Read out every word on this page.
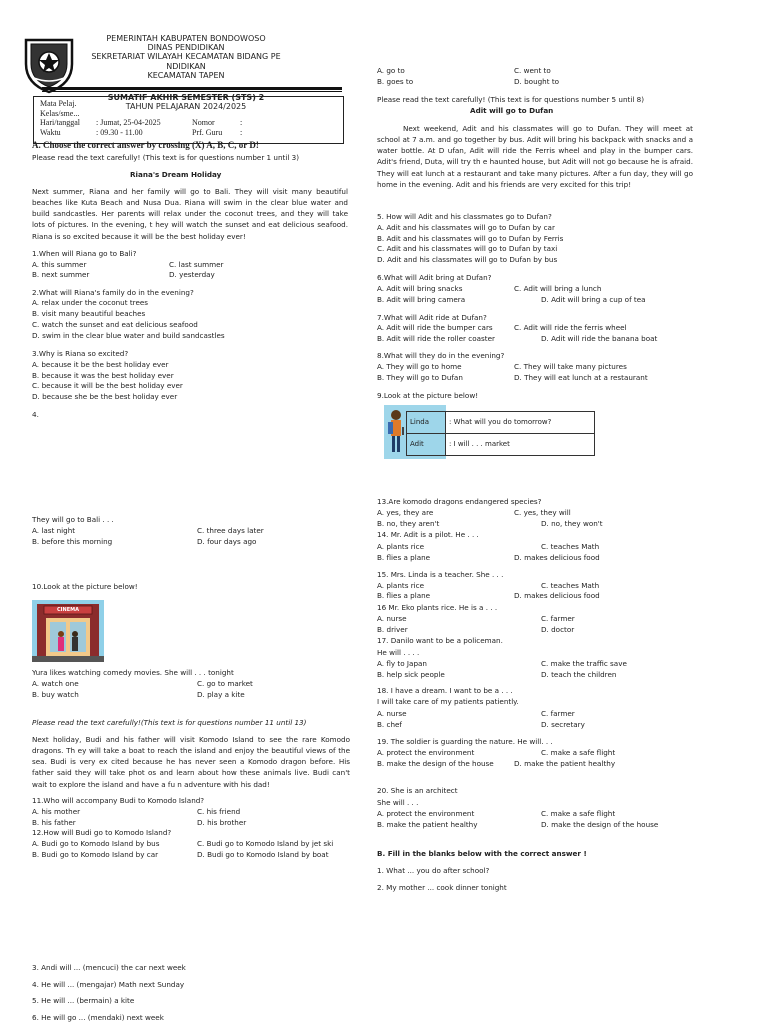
PEMERINTAH KABUPATEN BONDOWOSO
DINAS PENDIDIKAN
SEKRETARIAT WILAYAH KECAMATAN BIDANG PE
NDIDIKAN
KECAMATAN TAPEN
SUMATIF AKHIR SEMESTER (STS) 2
TAHUN PELAJARAN 2024/2025
Mata Pelaj.			
Kelas/sme...			
Hari/tanggal	: Jumat, 25-04-2025	Nomor	:
Waktu	: 09.30 - 11.00	Prf. Guru	:
A. Choose the correct answer by crossing (X) A, B, C, or D!
Please read the text carefully! (This text is for questions number 1 until 3)
Riana's Dream Holiday
Next summer, Riana and her family will go to Bali. They will visit many beautiful beaches like Kuta Beach and Nusa Dua. Riana will swim in the clear blue water and build sandcastles. Her parents will relax under the coconut trees, and they will take lots of pictures. In the evening, t hey will watch the sunset and eat delicious seafood. Riana is so excited because it will be the best holiday ever!
1.When will Riana go to Bali?
A. this summer	C. last summer
B. next summer	D. yesterday
2.What will Riana's family do in the evening?
A. relax under the coconut trees
B. visit many beautiful beaches
C. watch the sunset and eat delicious seafood
D. swim in the clear blue water and build sandcastles
3.Why is Riana so excited?
A. because it be the best holiday ever
B. because it was the best holiday ever
C. because it will be the best holiday ever
D. because she be the best holiday ever
4.
They will go to Bali . . .
A. last night	C. three days later
B. before this morning	D. four days ago
10.Look at the picture below!
CINEMA
Yura likes watching comedy movies. She will . . . tonight
A. watch one	C. go to market
B. buy watch	D. play a kite
Please read the text carefully!(This text is for questions number 11 until 13)
Next holiday, Budi and his father will visit Komodo Island to see the rare Komodo dragons. Th ey will take a boat to reach the island and enjoy the beautiful views of the sea. Budi is very ex cited because he has never seen a Komodo dragon before. His father said they will take phot os and learn about how these animals live. Budi can't wait to explore the island and have a fu n adventure with his dad!
11.Who will accompany Budi to Komodo Island?
A. his mother	C. his friend
B. his father	D. his brother
12.How will Budi go to Komodo Island?
A. Budi go to Komodo Island by bus	C. Budi go to Komodo Island by jet ski
B. Budi go to Komodo Island by car	D. Budi go to Komodo Island by boat
3. Andi will ... (mencuci) the car next week
4. He will ... (mengajar) Math next Sunday
5. He will ... (bermain) a kite
6. He will go ... (mendaki) next week
A. go to	C. went to
B. goes to	D. bought to
Please read the text carefully! (This text is for questions number 5 until 8)
Adit will go to Dufan
Next weekend, Adit and his classmates will go to Dufan. They will meet at school at 7 a.m. and go together by bus. Adit will bring his backpack with snacks and a water bottle. At D ufan, Adit will ride the Ferris wheel and play in the bumper cars. Adit's friend, Duta, will try th e haunted house, but Adit will not go because he is afraid. They will eat lunch at a restaurant and take many pictures. After a fun day, they will go home in the evening. Adit and his friends are very excited for this trip!
5. How will Adit and his classmates go to Dufan?
A. Adit and his classmates will go to Dufan by car
B. Adit and his classmates will go to Dufan by Ferris
C. Adit and his classmates will go to Dufan by taxi
D. Adit and his classmates will go to Dufan by bus
6.What will Adit bring at Dufan?
A. Adit will bring snacks	C. Adit will bring a lunch
B. Adit will bring camera	D. Adit will bring a cup of tea
7.What will Adit ride at Dufan?
A. Adit will ride the bumper cars	C. Adit will ride the ferris wheel
B. Adit will ride the roller coaster	D. Adit will ride the banana boat
8.What will they do in the evening?
A. They will go to home	C. They will take many pictures
B. They will go to Dufan	D. They will eat lunch at a restaurant
9.Look at the picture below!
Linda	: What will you do tomorrow?
Adit	: I will . . . market
13.Are komodo dragons endangered species?
A. yes, they are	C. yes, they will
B. no, they aren't	D. no, they won't
14. Mr. Adit is a pilot. He . . .
A. plants rice	C. teaches Math
B. flies a plane	D. makes delicious food
15. Mrs. Linda is a teacher. She . . .
A. plants rice	C. teaches Math
B. flies a plane	D. makes delicious food
16 Mr. Eko plants rice. He is a . . .
A. nurse	C. farmer
B. driver	D. doctor
17. Danilo want to be a policeman.
He will . . . .
A. fly to Japan	C. make the traffic save
B. help sick people	D. teach the children
18. I have a dream. I want to be a . . .
I will take care of my patients patiently.
A. nurse	C. farmer
B. chef	D. secretary
19. The soldier is guarding the nature. He will. . .
A. protect the environment	C. make a safe flight
B. make the design of the house	D. make the patient healthy
20. She is an architect
She will . . .
A. protect the environment	C. make a safe flight
B. make the patient healthy	D. make the design of the house
B. Fill in the blanks below with the correct answer !
1. What ... you do after school?
2. My mother ... cook dinner tonight
